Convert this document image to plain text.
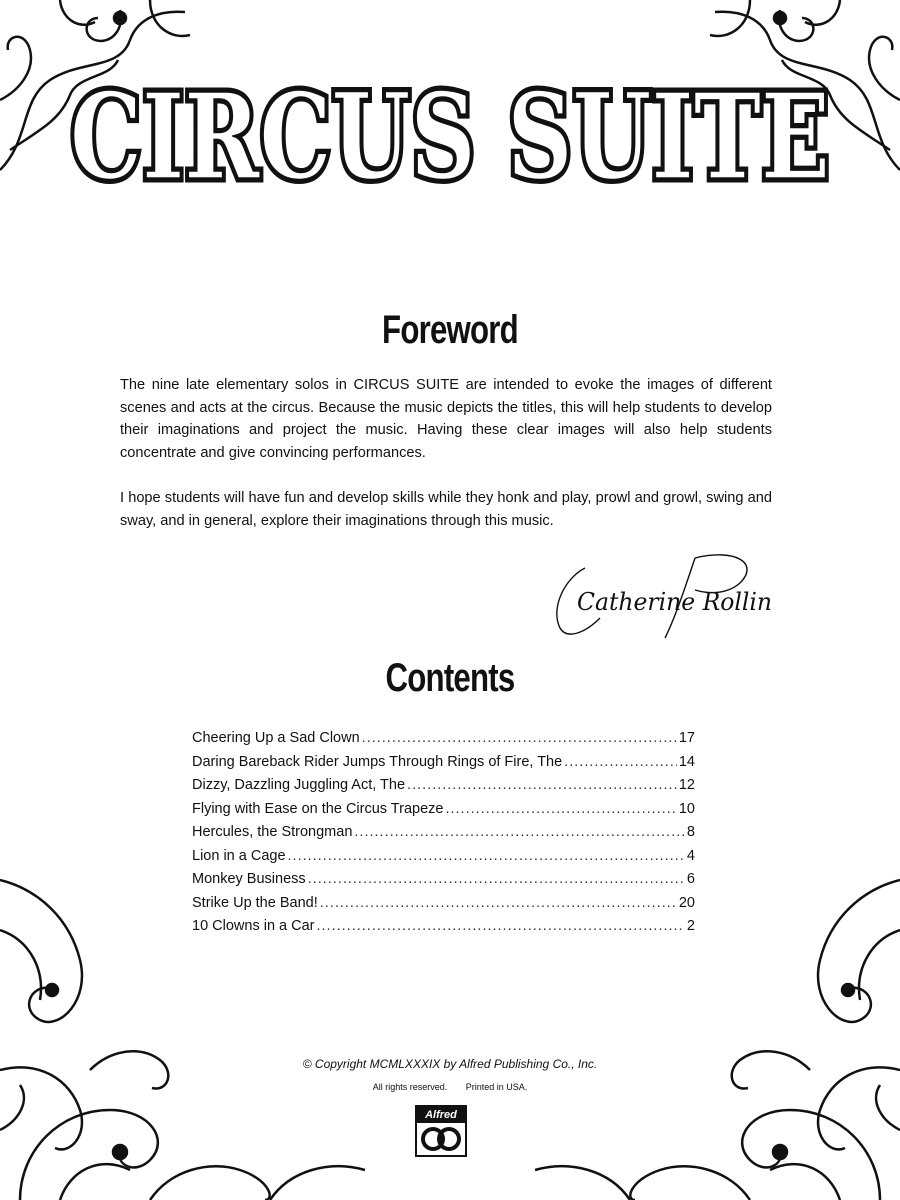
CIRCUS SUITE
CIRCUS SUITE
Foreword

The nine late elementary solos in CIRCUS SUITE are intended to evoke the images of different scenes and acts at the circus. Because the music depicts the titles, this will help students to develop their imaginations and project the music. Having these clear images will also help students concentrate and give convincing performances.

I hope students will have fun and develop skills while they honk and play, prowl and growl, swing and sway, and in general, explore their imaginations through this music.

Catherine Rollin
Contents
Cheering Up a Sad Clown .....	17
Daring Bareback Rider Jumps Through Rings of Fire, The .....	14
Dizzy, Dazzling Juggling Act, The .....	12
Flying with Ease on the Circus Trapeze .....	10
Hercules, the Strongman .....	8
Lion in a Cage .....	4
Monkey Business .....	6
Strike Up the Band! .....	20
10 Clowns in a Car .....	2
© Copyright MCMLXXXIX by Alfred Publishing Co., Inc.
All rights reserved. Printed in USA.
Alfred
